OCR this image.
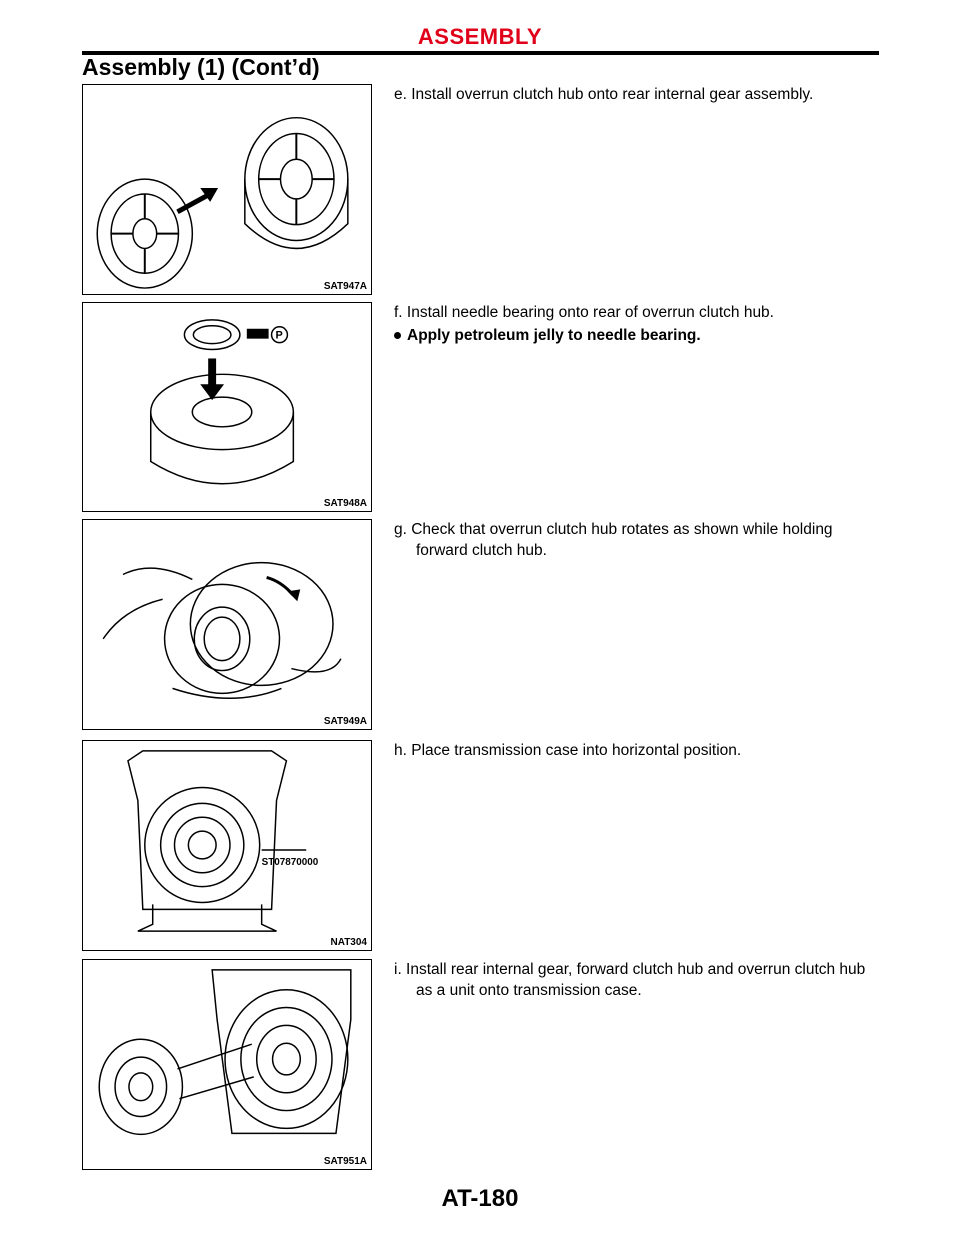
ASSEMBLY
Assembly (1) (Cont’d)
SAT947A
e. Install overrun clutch hub onto rear internal gear assembly.
P
SAT948A
f. Install needle bearing onto rear of overrun clutch hub.
Apply petroleum jelly to needle bearing.
SAT949A
g. Check that overrun clutch hub rotates as shown while holding forward clutch hub.
ST07870000
NAT304
h. Place transmission case into horizontal position.
SAT951A
i. Install rear internal gear, forward clutch hub and overrun clutch hub as a unit onto transmission case.
AT-180
